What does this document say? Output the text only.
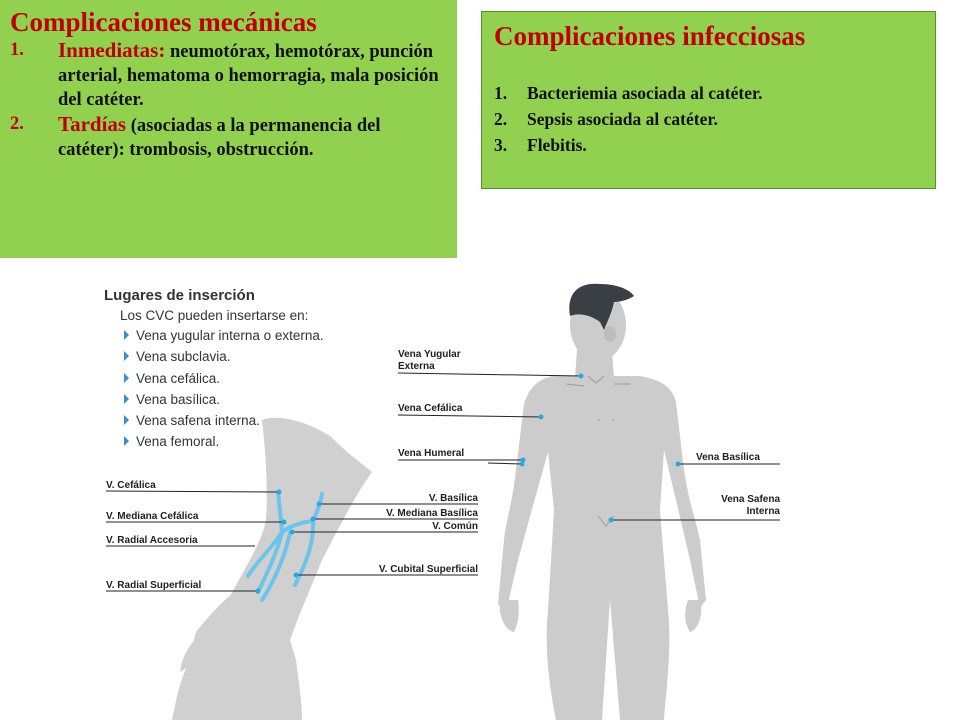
Lugares de inserción
Los CVC pueden insertarse en:
Vena yugular interna o externa.
Vena subclavia.
Vena cefálica.
Vena basílica.
Vena safena interna.
Vena femoral.
Vena Yugular
Externa
Vena Cefálica
Vena Humeral	Vena Basílica
Vena Safena
Interna
V. Cefálica
V. Mediana Cefálica
V. Radial Accesoria
V. Radial Superficial
V. Basílica
V. Mediana Basílica
V. Común
V. Cubital Superficial
Complicaciones mecánicas
1. Inmediatas: neumotórax, hemotórax, punción arterial, hematoma o hemorragia, mala posición del catéter.
2. Tardías (asociadas a la permanencia del catéter): trombosis, obstrucción.
Complicaciones infecciosas
1. Bacteriemia asociada al catéter.
2. Sepsis asociada al catéter.
3. Flebitis.
